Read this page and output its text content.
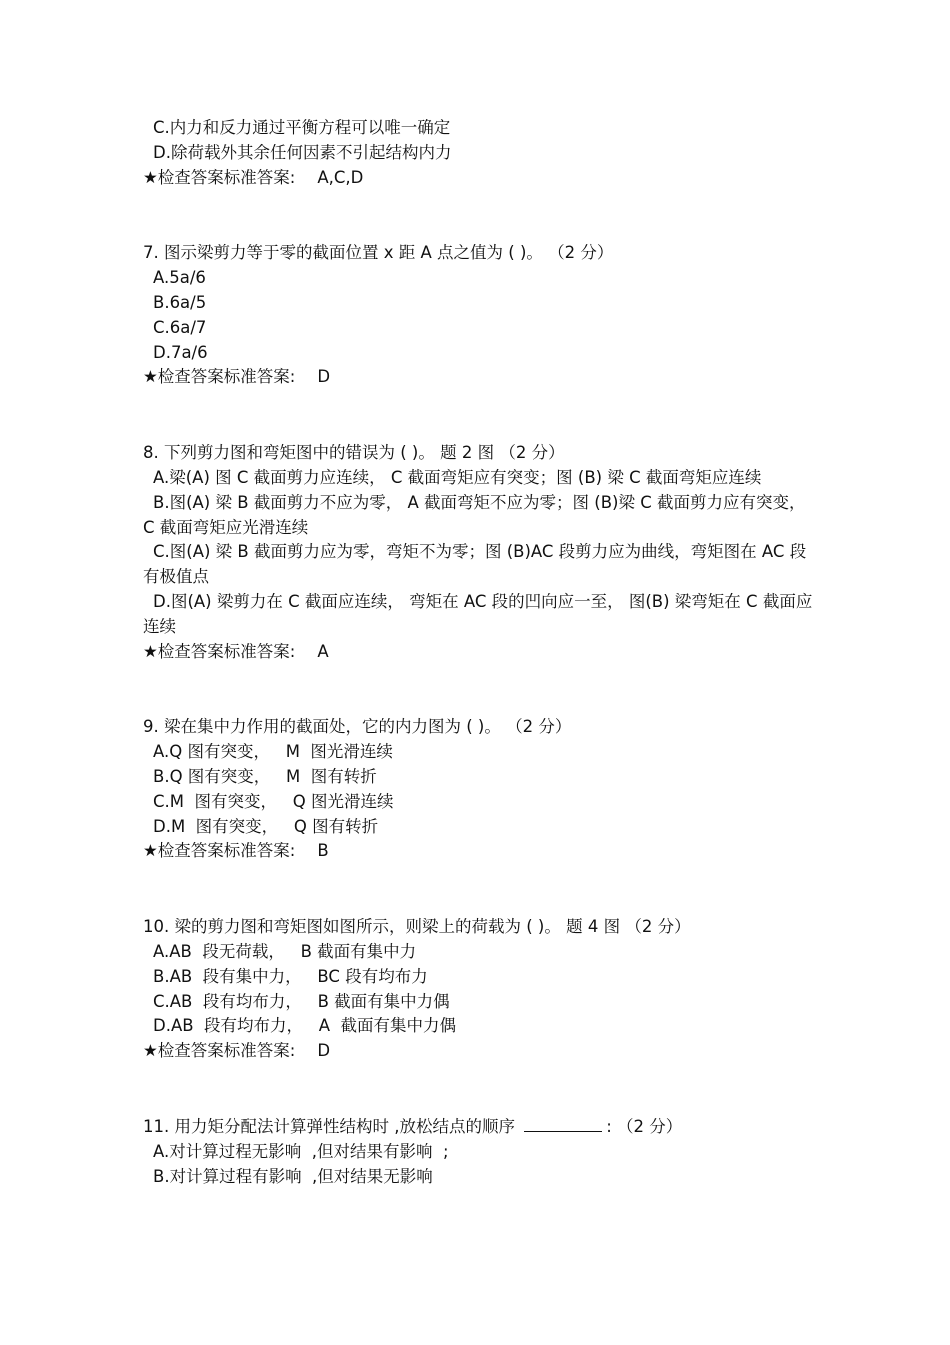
C.内力和反力通过平衡方程可以唯一确定
D.除荷载外其余任何因素不引起结构内力
★检查答案标准答案: A,C,D
7. 图示梁剪力等于零的截面位置 x 距 A 点之值为 ( )。 （2 分）
A.5a/6
B.6a/5
C.6a/7
D.7a/6
★检查答案标准答案: D
8. 下列剪力图和弯矩图中的错误为 ( )。 题 2 图 （2 分）
A.梁(A) 图 C 截面剪力应连续， C 截面弯矩应有突变；图 (B) 梁 C 截面弯矩应连续
B.图(A) 梁 B 截面剪力不应为零， A 截面弯矩不应为零；图 (B)梁 C 截面剪力应有突变， C 截面弯矩应光滑连续
C.图(A) 梁 B 截面剪力应为零，弯矩不为零；图 (B)AC 段剪力应为曲线，弯矩图在 AC 段有极值点
D.图(A) 梁剪力在 C 截面应连续， 弯矩在 AC 段的凹向应一至， 图(B) 梁弯矩在 C 截面应连续
★检查答案标准答案: A
9. 梁在集中力作用的截面处，它的内力图为 ( )。 （2 分）
A.Q 图有突变，   M  图光滑连续
B.Q 图有突变，   M  图有转折
C.M  图有突变，   Q 图光滑连续
D.M  图有突变，   Q 图有转折
★检查答案标准答案: B
10. 梁的剪力图和弯矩图如图所示，则梁上的荷载为 ( )。 题 4 图 （2 分）
A.AB  段无荷载，   B 截面有集中力
B.AB  段有集中力，   BC 段有均布力
C.AB  段有均布力，   B 截面有集中力偶
D.AB  段有均布力，   A  截面有集中力偶
★检查答案标准答案: D
11. 用力矩分配法计算弹性结构时 ,放松结点的顺序	: （2 分）
A.对计算过程无影响  ,但对结果有影响  ;
B.对计算过程有影响  ,但对结果无影响
